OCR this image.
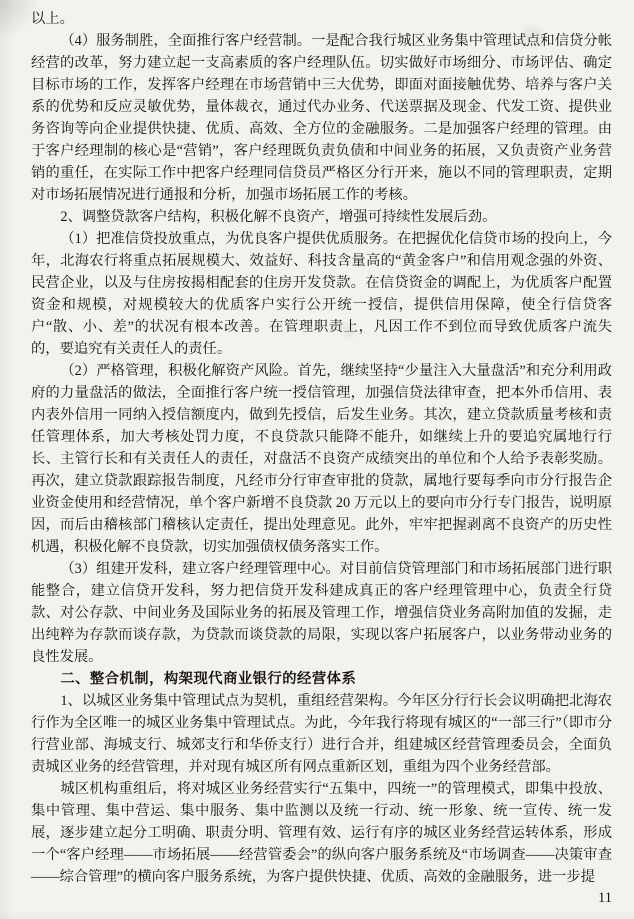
以上。

（4）服务制胜，全面推行客户经营制。一是配合我行城区业务集中管理试点和信贷分帐经营的改革，努力建立起一支高素质的客户经理队伍。切实做好市场细分、市场评估、确定目标市场的工作，发挥客户经理在市场营销中三大优势，即面对面接触优势、培养与客户关系的优势和反应灵敏优势，量体裁衣，通过代办业务、代送票据及现金、代发工资、提供业务咨询等向企业提供快捷、优质、高效、全方位的金融服务。二是加强客户经理的管理。由于客户经理制的核心是“营销”，客户经理既负责负债和中间业务的拓展，又负责资产业务营销的重任，在实际工作中把客户经理同信贷员严格区分行开来，施以不同的管理职责，定期对市场拓展情况进行通报和分析，加强市场拓展工作的考核。

2、调整贷款客户结构，积极化解不良资产，增强可持续性发展后劲。

（1）把准信贷投放重点，为优良客户提供优质服务。在把握优化信贷市场的投向上，今年，北海农行将重点拓展规模大、效益好、科技含量高的“黄金客户”和信用观念强的外资、民营企业，以及与住房按揭相配套的住房开发贷款。在信贷资金的调配上，为优质客户配置资金和规模，对规模较大的优质客户实行公开统一授信，提供信用保障，使全行信贷客户“散、小、差”的状况有根本改善。在管理职责上，凡因工作不到位而导致优质客户流失的，要追究有关责任人的责任。

（2）严格管理，积极化解资产风险。首先，继续坚持“少量注入大量盘活”和充分利用政府的力量盘活的做法，全面推行客户统一授信管理，加强信贷法律审查，把本外币信用、表内表外信用一同纳入授信额度内，做到先授信，后发生业务。其次，建立贷款质量考核和责任管理体系，加大考核处罚力度，不良贷款只能降不能升，如继续上升的要追究属地行行长、主管行长和有关责任人的责任，对盘活不良资产成绩突出的单位和个人给予表彰奖励。再次，建立贷款跟踪报告制度，凡经市分行审查审批的贷款，属地行要每季向市分行报告企业资金使用和经营情况，单个客户新增不良贷款 20 万元以上的要向市分行专门报告，说明原因，而后由稽核部门稽核认定责任，提出处理意见。此外，牢牢把握剥离不良资产的历史性机遇，积极化解不良贷款，切实加强债权债务落实工作。

（3）组建开发科，建立客户经理管理中心。对目前信贷管理部门和市场拓展部门进行职能整合，建立信贷开发科，努力把信贷开发科建成真正的客户经理管理中心，负责全行贷款、对公存款、中间业务及国际业务的拓展及管理工作，增强信贷业务高附加值的发掘，走出纯粹为存款而谈存款，为贷款而谈贷款的局限，实现以客户拓展客户，以业务带动业务的良性发展。

二、整合机制，构架现代商业银行的经营体系

1、以城区业务集中管理试点为契机，重组经营架构。今年区分行行长会议明确把北海农行作为全区唯一的城区业务集中管理试点。为此，今年我行将现有城区的“一部三行”（即市分行营业部、海城支行、城郊支行和华侨支行）进行合并，组建城区经营管理委员会，全面负责城区业务的经营管理，并对现有城区所有网点重新区划，重组为四个业务经营部。

城区机构重组后，将对城区业务经营实行“五集中，四统一”的管理模式，即集中投放、集中管理、集中营运、集中服务、集中监测以及统一行动、统一形象、统一宣传、统一发展，逐步建立起分工明确、职责分明、管理有效、运行有序的城区业务经营运转体系，形成一个“客户经理——市场拓展——经营管委会”的纵向客户服务系统及“市场调查——决策审查——综合管理”的横向客户服务系统，为客户提供快捷、优质、高效的金融服务，进一步提

11
